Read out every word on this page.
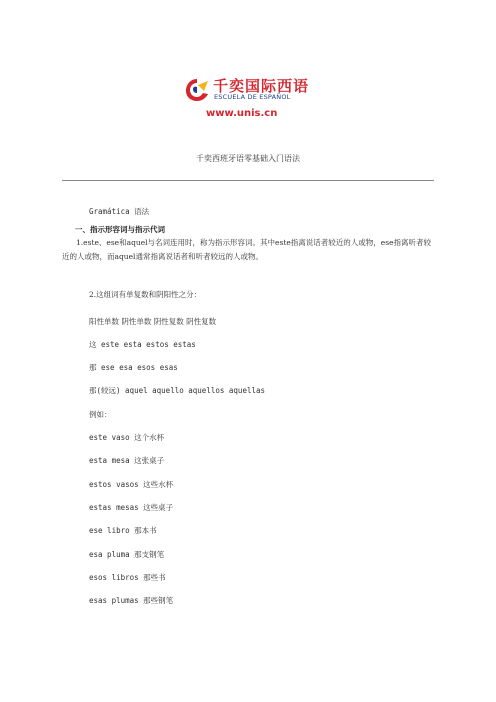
千奕国际西语
ESCUELA DE ESPAÑOL
www.unis.cn
千奕西班牙语零基础入门语法
Gramática 语法
一、指示形容词与指示代词
1.este、ese和aquel与名词连用时，称为指示形容词。其中este指离说话者较近的人或物，ese指离听者较近的人或物，而aquel通常指离说话者和听者较远的人或物。
2.这组词有单复数和阴阳性之分：
阳性单数 阴性单数 阴性复数 阴性复数
这 este esta estos estas
那 ese esa esos esas
那(较远) aquel aquello aquellos aquellas
例如：
este vaso 这个水杯
esta mesa 这张桌子
estos vasos 这些水杯
estas mesas 这些桌子
ese libro 那本书
esa pluma 那支钢笔
esos libros 那些书
esas plumas 那些钢笔
